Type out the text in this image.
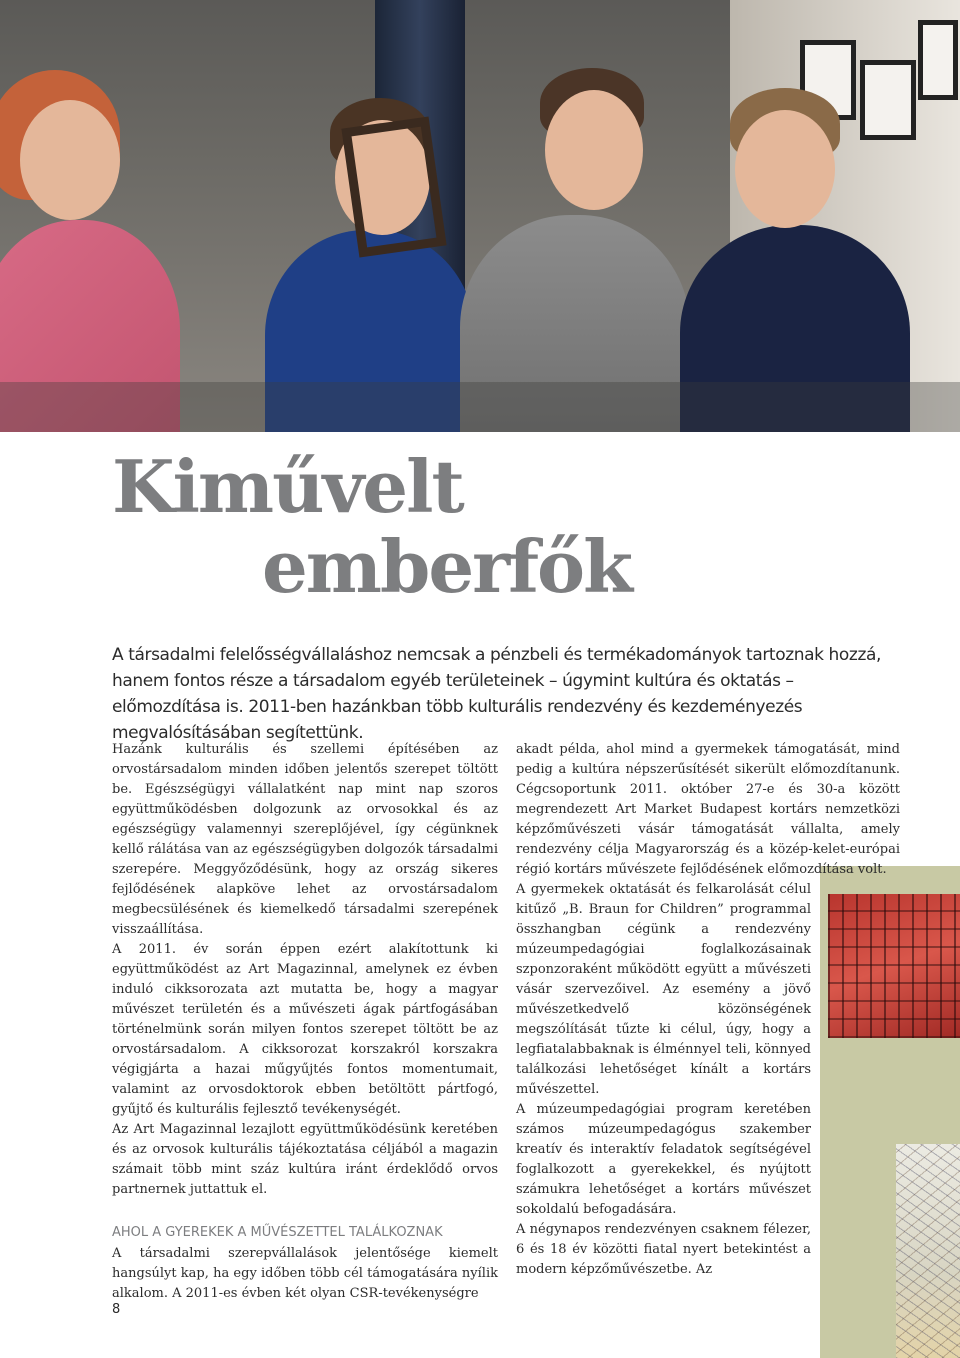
Kiművelt
emberfők

A társadalmi felelősségvállaláshoz nemcsak a pénzbeli és termékadományok tartoznak hozzá, hanem fontos része a társadalom egyéb területeinek – úgymint kultúra és oktatás – előmozdítása is. 2011-ben hazánkban több kulturális rendezvény és kezdeményezés megvalósításában segítettünk.

Hazánk kulturális és szellemi építésében az orvostársadalom minden időben jelentős szerepet töltött be. Egészségügyi vállalatként nap mint nap szoros együttműködésben dolgozunk az orvosokkal és az egészségügy valamennyi szereplőjével, így cégünknek kellő rálátása van az egészségügyben dolgozók társadalmi szerepére. Meggyőződésünk, hogy az ország sikeres fejlődésének alapköve lehet az orvostársadalom megbecsülésének és kiemelkedő társadalmi szerepének visszaállítása.

A 2011. év során éppen ezért alakítottunk ki együttműködést az Art Magazinnal, amelynek ez évben induló cikksorozata azt mutatta be, hogy a magyar művészet területén és a művészeti ágak pártfogásában történelmünk során milyen fontos szerepet töltött be az orvostársadalom. A cikksorozat korszakról korszakra végigjárta a hazai műgyűjtés fontos momentumait, valamint az orvosdoktorok ebben betöltött pártfogó, gyűjtő és kulturális fejlesztő tevékenységét.

Az Art Magazinnal lezajlott együttműködésünk keretében és az orvosok kulturális tájékoztatása céljából a magazin számait több mint száz kultúra iránt érdeklődő orvos partnernek juttattuk el.

AHOL A GYEREKEK A MŰVÉSZETTEL TALÁLKOZNAK

A társadalmi szerepvállalások jelentősége kiemelt hangsúlyt kap, ha egy időben több cél támogatására nyílik alkalom. A 2011-es évben két olyan CSR-tevékenységre

akadt példa, ahol mind a gyermekek támogatását, mind pedig a kultúra népszerűsítését sikerült előmozdítanunk. Cégcsoportunk 2011. október 27-e és 30-a között megrendezett Art Market Budapest kortárs nemzetközi képzőművészeti vásár támogatását vállalta, amely rendezvény célja Magyarország és a közép-kelet-európai régió kortárs művészete fejlődésének előmozdítása volt.

A gyermekek oktatását és felkarolását célul kitűző „B. Braun for Children” programmal összhangban cégünk a rendezvény múzeumpedagógiai foglalkozásainak szponzoraként működött együtt a művészeti vásár szervezőivel. Az esemény a jövő művészetkedvelő közönségének megszólítását tűzte ki célul, úgy, hogy a legfiatalabbaknak is élménnyel teli, könnyed találkozási lehetőséget kínált a kortárs művészettel.

A múzeumpedagógiai program keretében számos múzeumpedagógus szakember kreatív és interaktív feladatok segítségével foglalkozott a gyerekekkel, és nyújtott számukra lehetőséget a kortárs művészet sokoldalú befogadására.

A négynapos rendezvényen csaknem félezer, 6 és 18 év közötti fiatal nyert betekintést a modern képzőművészetbe. Az

8
